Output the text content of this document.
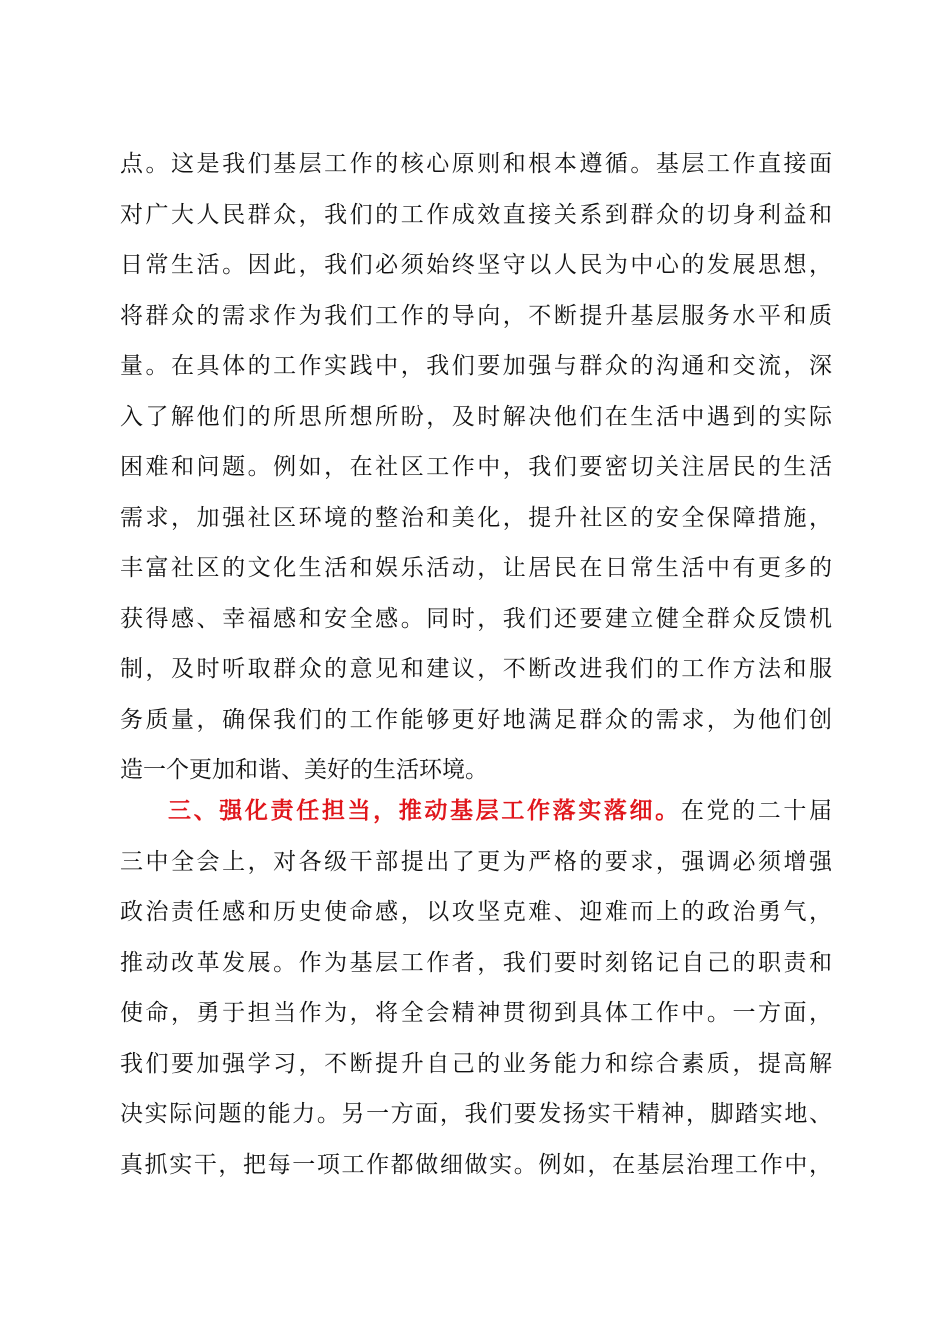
点。这是我们基层工作的核心原则和根本遵循。基层工作直接面
对广大人民群众，我们的工作成效直接关系到群众的切身利益和
日常生活。因此，我们必须始终坚守以人民为中心的发展思想，
将群众的需求作为我们工作的导向，不断提升基层服务水平和质
量。在具体的工作实践中，我们要加强与群众的沟通和交流，深
入了解他们的所思所想所盼，及时解决他们在生活中遇到的实际
困难和问题。例如，在社区工作中，我们要密切关注居民的生活
需求，加强社区环境的整治和美化，提升社区的安全保障措施，
丰富社区的文化生活和娱乐活动，让居民在日常生活中有更多的
获得感、幸福感和安全感。同时，我们还要建立健全群众反馈机
制，及时听取群众的意见和建议，不断改进我们的工作方法和服
务质量，确保我们的工作能够更好地满足群众的需求，为他们创
造一个更加和谐、美好的生活环境。
三、强化责任担当，推动基层工作落实落细。在党的二十届
三中全会上，对各级干部提出了更为严格的要求，强调必须增强
政治责任感和历史使命感，以攻坚克难、迎难而上的政治勇气，
推动改革发展。作为基层工作者，我们要时刻铭记自己的职责和
使命，勇于担当作为，将全会精神贯彻到具体工作中。一方面，
我们要加强学习，不断提升自己的业务能力和综合素质，提高解
决实际问题的能力。另一方面，我们要发扬实干精神，脚踏实地、
真抓实干，把每一项工作都做细做实。例如，在基层治理工作中，
